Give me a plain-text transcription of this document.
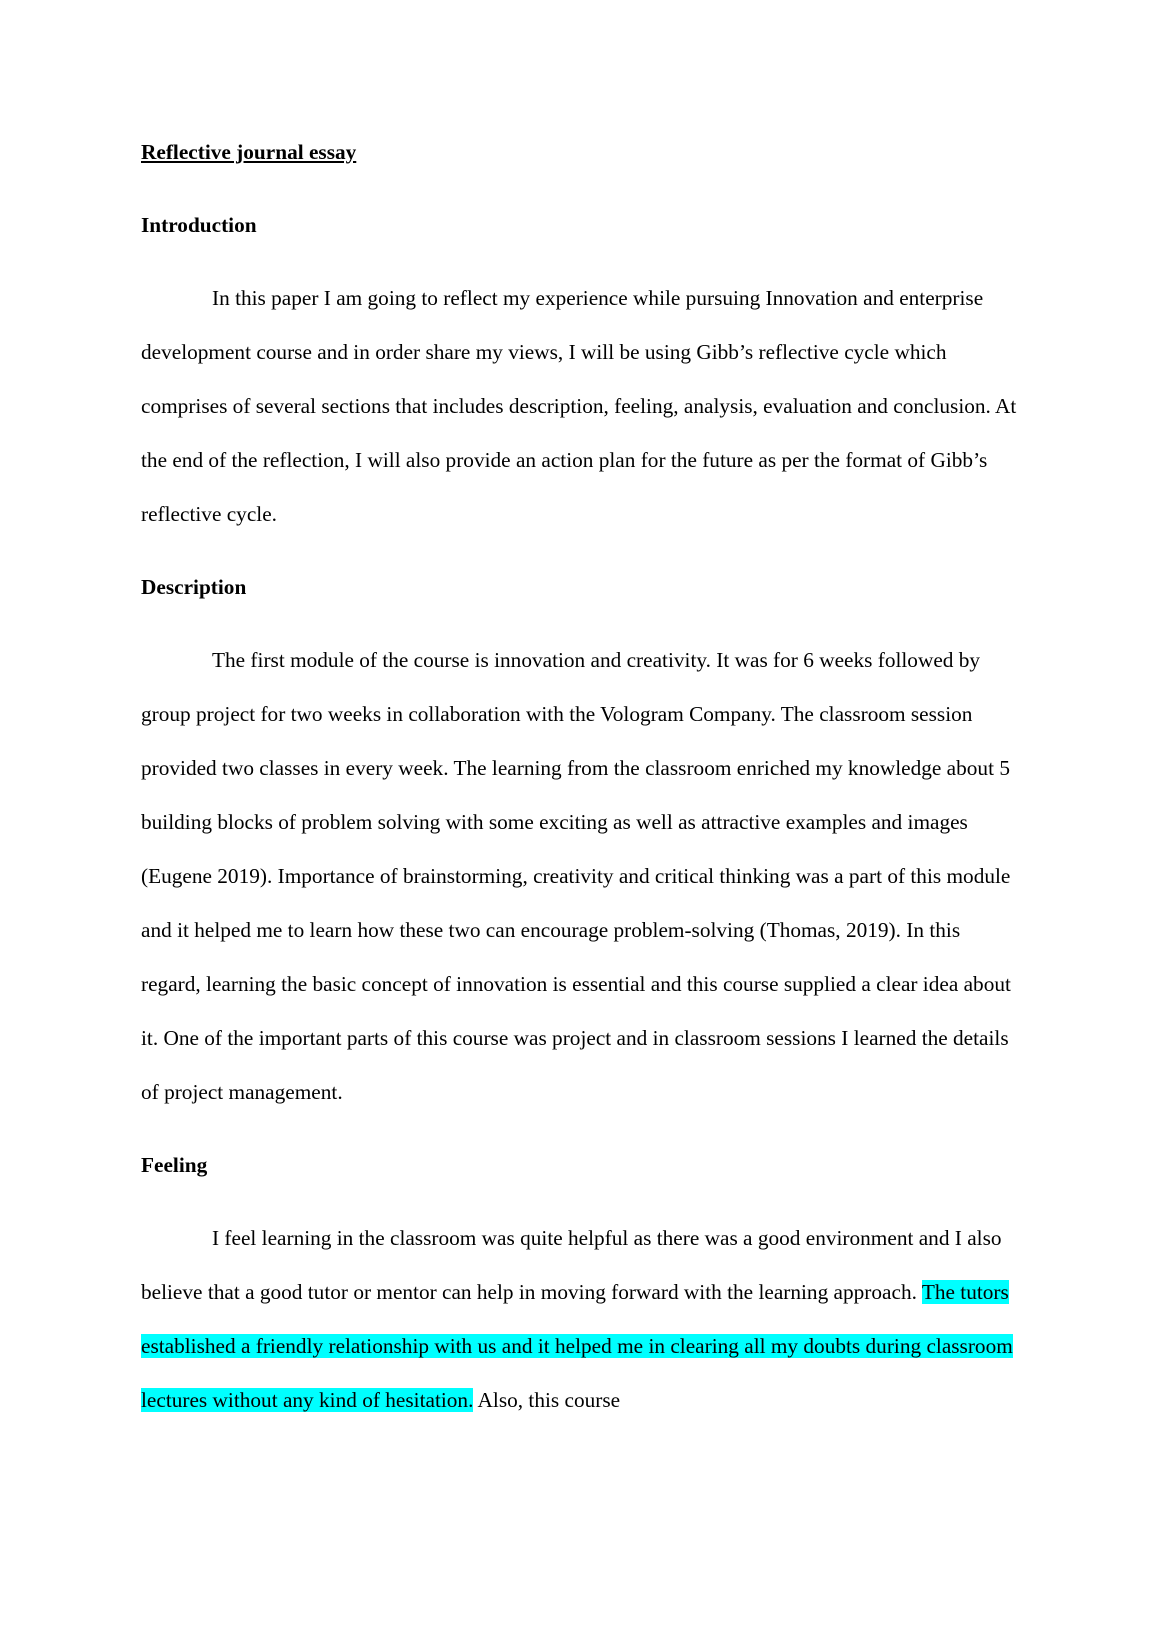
Reflective journal essay
Introduction

In this paper I am going to reflect my experience while pursuing Innovation and enterprise development course and in order share my views, I will be using Gibb’s reflective cycle which comprises of several sections that includes description, feeling, analysis, evaluation and conclusion. At the end of the reflection, I will also provide an action plan for the future as per the format of Gibb’s reflective cycle.

Description

The first module of the course is innovation and creativity. It was for 6 weeks followed by group project for two weeks in collaboration with the Vologram Company. The classroom session provided two classes in every week. The learning from the classroom enriched my knowledge about 5 building blocks of problem solving with some exciting as well as attractive examples and images (Eugene 2019). Importance of brainstorming, creativity and critical thinking was a part of this module and it helped me to learn how these two can encourage problem-solving (Thomas, 2019). In this regard, learning the basic concept of innovation is essential and this course supplied a clear idea about it. One of the important parts of this course was project and in classroom sessions I learned the details of project management.

Feeling

I feel learning in the classroom was quite helpful as there was a good environment and I also believe that a good tutor or mentor can help in moving forward with the learning approach. The tutors established a friendly relationship with us and it helped me in clearing all my doubts during classroom lectures without any kind of hesitation. Also, this course
